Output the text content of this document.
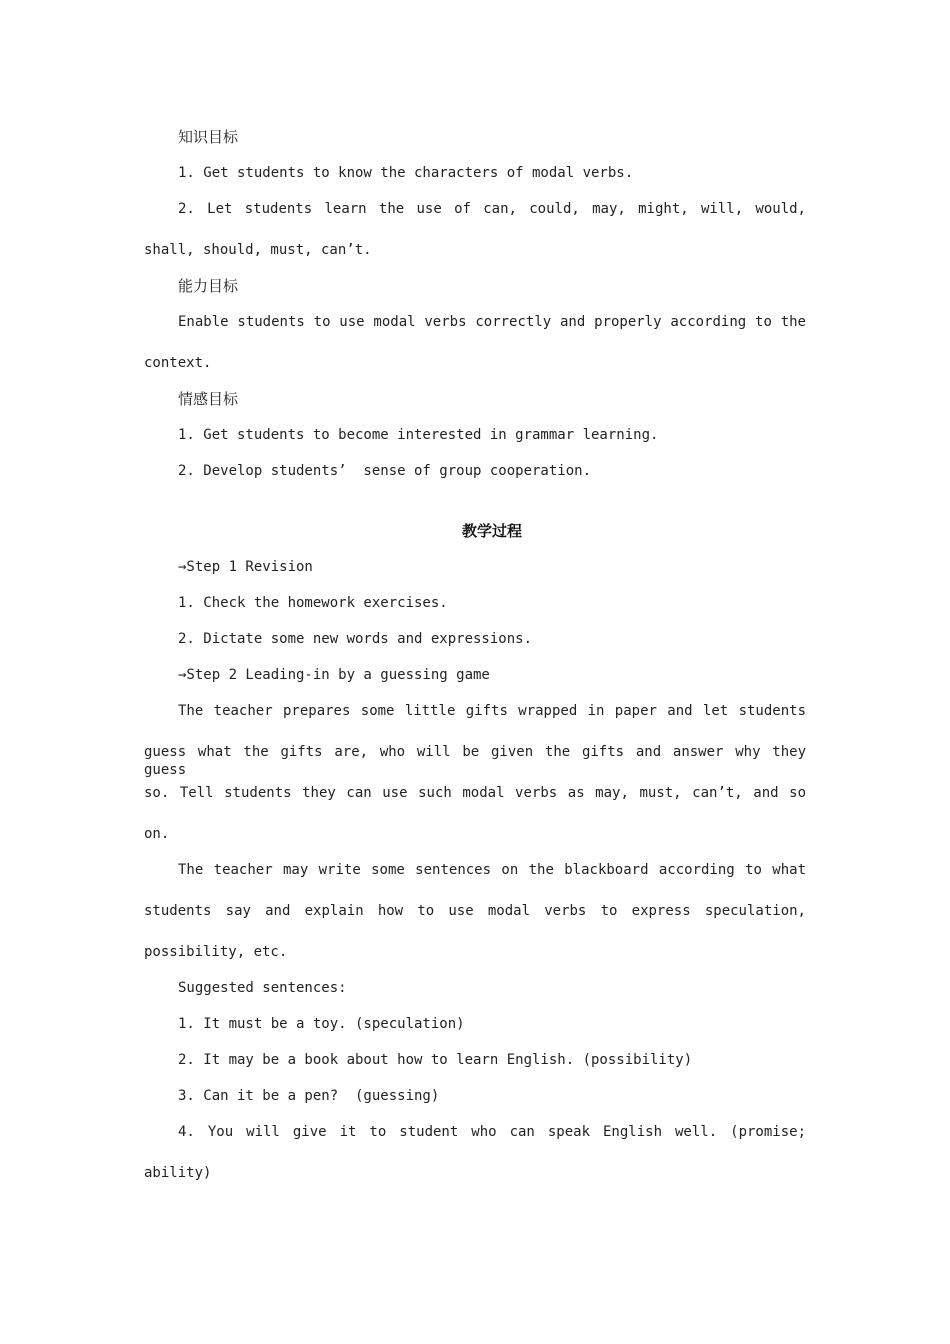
知识目标
1. Get students to know the characters of modal verbs.
2. Let students learn the use of can, could, may, might, will, would,
shall, should, must, can’t.
能力目标
Enable students to use modal verbs correctly and properly according to the
context.
情感目标
1. Get students to become interested in grammar learning.
2. Develop students’  sense of group cooperation.
教学过程
→Step 1 Revision
1. Check the homework exercises.
2. Dictate some new words and expressions.
→Step 2 Leading-in by a guessing game
The teacher prepares some little gifts wrapped in paper and let students
guess what the gifts are, who will be given the gifts and answer why they guess
so. Tell students they can use such modal verbs as may, must, can’t, and so
on.
The teacher may write some sentences on the blackboard according to what
students say and explain how to use modal verbs to express speculation,
possibility, etc.
Suggested sentences:
1. It must be a toy. (speculation)
2. It may be a book about how to learn English. (possibility)
3. Can it be a pen?  (guessing)
4. You will give it to student who can speak English well. (promise;
ability)
